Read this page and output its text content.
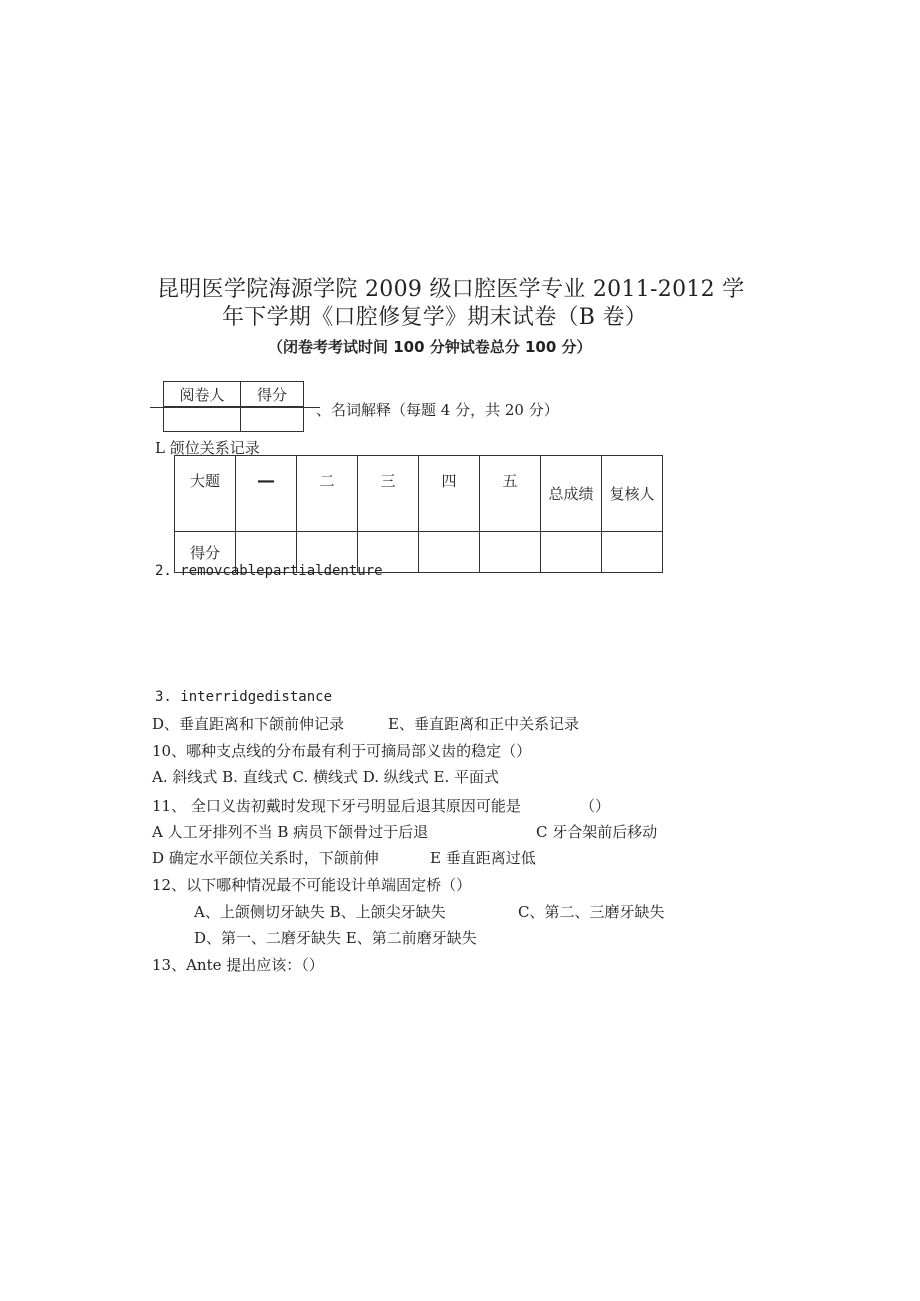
昆明医学院海源学院 2009 级口腔医学专业 2011-2012 学
年下学期《口腔修复学》期末试卷（B 卷）
（闭卷考考试时间 100 分钟试卷总分 100 分）
阅卷人	得分

、名词解释（每题 4 分，共 20 分）
L 颌位关系记录
大题	—	二	三	四	五	总成绩	复核人
得分							
2. removcablepartialdenture
3. interridgedistance
D、垂直距离和下颌前伸记录	E、垂直距离和正中关系记录
10、哪种支点线的分布最有利于可摘局部义齿的稳定（）
A. 斜线式 B. 直线式 C. 横线式 D. 纵线式 E. 平面式
11、 全口义齿初戴时发现下牙弓明显后退其原因可能是	（）
A 人工牙排列不当 B 病员下颌骨过于后退	C 牙合架前后移动
D 确定水平颌位关系时，下颌前伸	E 垂直距离过低
12、以下哪种情况最不可能设计单端固定桥（）
A、上颌侧切牙缺失 B、上颌尖牙缺失	C、第二、三磨牙缺失
D、第一、二磨牙缺失 E、第二前磨牙缺失
13、Ante 提出应该：（）
